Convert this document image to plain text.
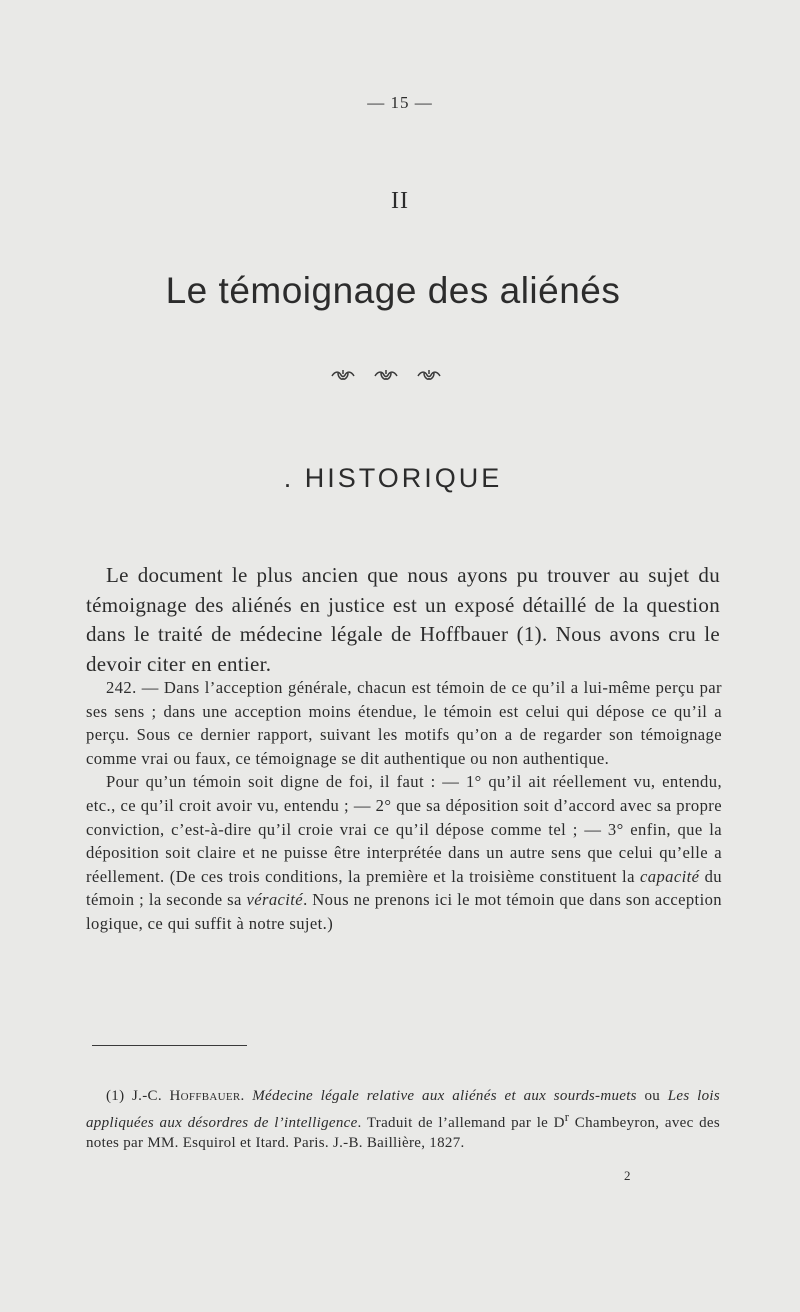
— 15 —
II
Le témoignage des aliénés
. HISTORIQUE

Le document le plus ancien que nous ayons pu trouver au sujet du témoignage des aliénés en justice est un exposé détaillé de la question dans le traité de médecine légale de Hoffbauer (1). Nous avons cru le devoir citer en entier.

242. — Dans l’acception générale, chacun est témoin de ce qu’il a lui-même perçu par ses sens ; dans une acception moins étendue, le témoin est celui qui dépose ce qu’il a perçu. Sous ce dernier rapport, suivant les motifs qu’on a de regarder son témoignage comme vrai ou faux, ce témoignage se dit authentique ou non authentique.

Pour qu’un témoin soit digne de foi, il faut : — 1° qu’il ait réellement vu, entendu, etc., ce qu’il croit avoir vu, entendu ; — 2° que sa déposition soit d’accord avec sa propre conviction, c’est-à-dire qu’il croie vrai ce qu’il dépose comme tel ; — 3° enfin, que la déposition soit claire et ne puisse être interprétée dans un autre sens que celui qu’elle a réellement. (De ces trois conditions, la première et la troisième constituent la capacité du témoin ; la seconde sa véracité. Nous ne prenons ici le mot témoin que dans son acception logique, ce qui suffit à notre sujet.)

(1) J.-C. Hoffbauer. Médecine légale relative aux aliénés et aux sourds-muets ou Les lois appliquées aux désordres de l’intelligence. Traduit de l’allemand par le $D^r$ Chambeyron, avec des notes par MM. Esquirol et Itard. Paris. J.-B. Baillière, 1827.

2
